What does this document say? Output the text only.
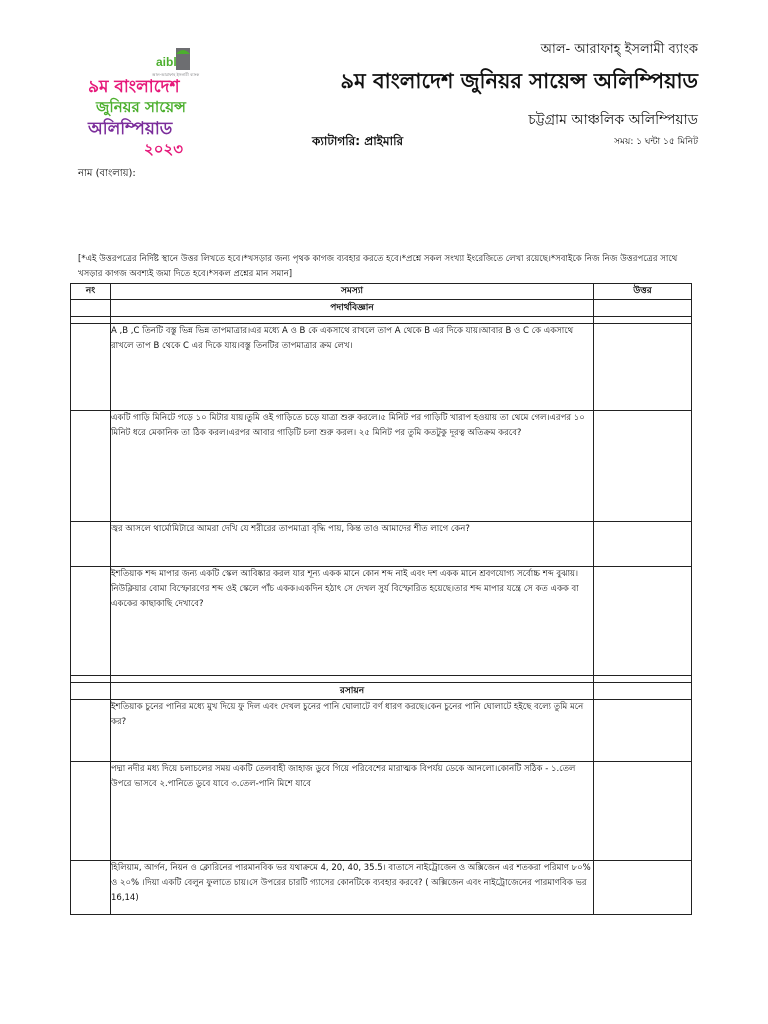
aibl
আল-আরাফাহ ইসলামী ব্যাংক
৯ম বাংলাদেশ
জুনিয়র সায়েন্স
অলিম্পিয়াড
২০২৩
আল- আরাফাহ্ ইসলামী ব্যাংক
৯ম বাংলাদেশ জুনিয়র সায়েন্স অলিম্পিয়াড
চট্টগ্রাম আঞ্চলিক অলিম্পিয়াড
সময়: ১ ঘন্টা ১৫ মিনিট
ক্যাটাগরি: প্রাইমারি
নাম (বাংলায়):
[*এই উত্তরপত্রের নির্দিষ্ট স্থানে উত্তর লিখতে হবে।*খসড়ার জন্য পৃথক কাগজ ব্যবহার করতে হবে।*প্রশ্নে সকল সংখ্যা ইংরেজিতে লেখা রয়েছে।*সবাইকে নিজ নিজ উত্তরপত্রের সাথে খসড়ার কাগজ অবশ্যই জমা দিতে হবে।*সকল প্রশ্নের মান সমান]
নং	সমস্যা	উত্তর
	পদার্থবিজ্ঞান	

	A ,B ,C তিনটি বস্তু ভিন্ন ভিন্ন তাপমাত্রার।এর মধ্যে A ও B কে একসাথে রাখলে তাপ A থেকে B এর দিকে যায়।আবার B ও C কে একসাথে রাখলে তাপ B থেকে C এর দিকে যায়।বস্তু তিনটির তাপমাত্রার ক্রম লেখ।	
	একটি গাড়ি মিনিটে গড়ে ১০ মিটার যায়।তুমি ওই গাড়িতে চড়ে যাত্রা শুরু করলে।৫ মিনিট পর গাড়িটি খারাপ হওয়ায় তা থেমে গেল।এরপর ১০ মিনিট ধরে মেকানিক তা ঠিক করল।এরপর আবার গাড়িটি চলা শুরু করল। ২৫ মিনিট পর তুমি কতটুকু দূরত্ব অতিক্রম করবে?	
	জ্বর আসলে থার্মোমিটারে আমরা দেখি যে শরীরের তাপমাত্রা বৃদ্ধি পায়, কিন্ত তাও আমাদের শীত লাগে কেন?	
	ইশতিয়াক শব্দ মাপার জন্য একটি স্কেল আবিষ্কার করল যার শূন্য একক মানে কোন শব্দ নাই এবং দশ একক মানে শ্রবণযোগ্য সর্বোচ্চ শব্দ বুঝায়।নিউক্লিয়ার বোমা বিস্ফোরণের শব্দ ওই স্কেলে পাঁচ একক।একদিন হঠাৎ সে দেখল সুর্য বিস্ফোরিত হয়েছে।তার শব্দ মাপার যন্ত্রে সে কত একক বা এককের কাছাকাছি দেখাবে?	

	রসায়ন	
	ইশতিয়াক চুনের পানির মধ্যে মুখ দিয়ে ফু দিল এবং দেখল চুনের পানি ঘোলাটে বর্ণ ধারণ করছে।কেন চুনের পানি ঘোলাটে হইছে বল্যে তুমি মনে কর?	
	পদ্মা নদীর মধ্য দিয়ে চলাচলের সময় একটি তেলবাহী জাহাজ ডুবে গিয়ে পরিবেশের মারাত্মক বিপর্যয় ডেকে আনলো।কোনটি সঠিক - ১.তেল উপরে ভাসবে ২.পানিতে ডুবে যাবে ৩.তেল-পানি মিশে যাবে	
	হিলিয়াম, আর্গন, নিয়ন ও ক্লোরিনের পারমানবিক ভর যথাক্রমে 4, 20, 40, 35.5। বাতাসে নাইট্রোজেন ও অক্সিজেন এর শতকরা পরিমাণ ৮০% ও ২০% ।দিয়া একটি বেলুন ফুলাতে চায়।সে উপরের চারটি গ্যাসের কোনটিকে ব্যবহার করবে? ( অক্সিজেন এবং নাইট্রোজেনের পারমাণবিক ভর 16,14)	
